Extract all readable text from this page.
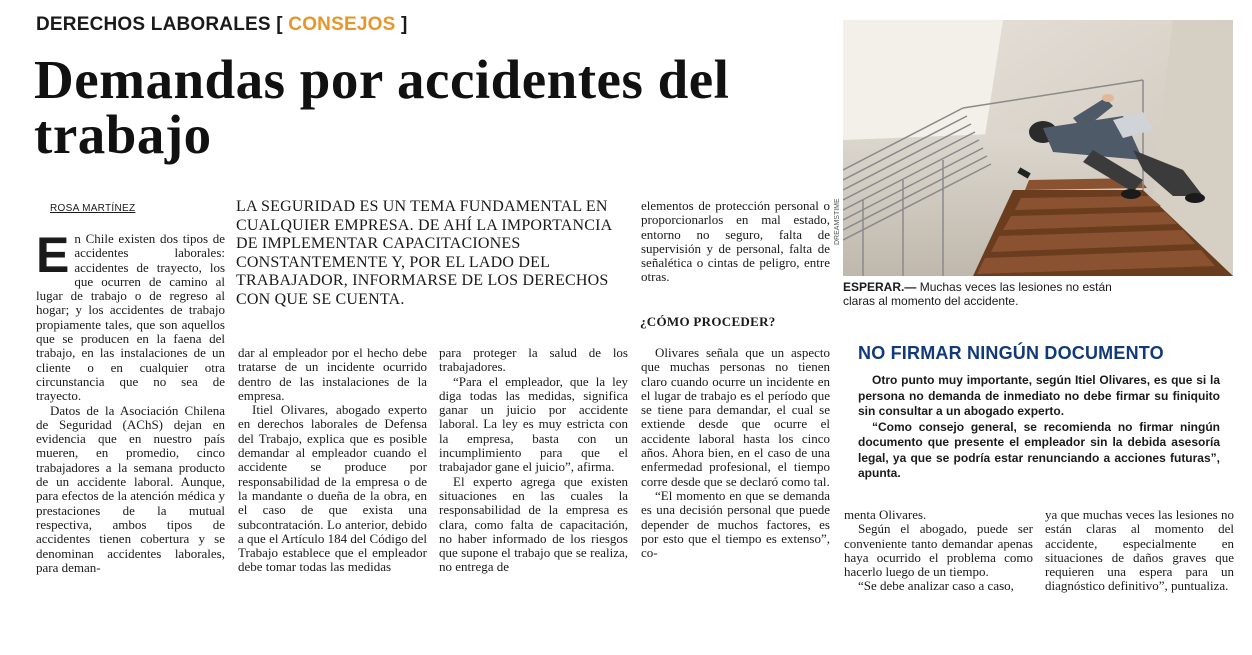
DERECHOS LABORALES [ CONSEJOS ]
Demandas por accidentes del trabajo
ROSA MARTÍNEZ	LA SEGURIDAD ES UN TEMA FUNDAMENTAL EN CUALQUIER EMPRESA. DE AHÍ LA IMPORTANCIA DE IMPLEMENTAR CAPACITACIONES CONSTANTEMENTE Y, POR EL LADO DEL TRABAJADOR, INFORMARSE DE LOS DERECHOS CON QUE SE CUENTA.

En Chile existen dos tipos de accidentes laborales: accidentes de trayecto, los que ocurren de camino al lugar de trabajo o de regreso al hogar; y los accidentes de trabajo propiamente tales, que son aquellos que se producen en la faena del trabajo, en las instalaciones de un cliente o en cualquier otra circunstancia que no sea de trayecto.

Datos de la Asociación Chilena de Seguridad (AChS) dejan en evidencia que en nuestro país mueren, en promedio, cinco trabajadores a la semana producto de un accidente laboral. Aunque, para efectos de la atención médica y prestaciones de la mutual respectiva, ambos tipos de accidentes tienen cobertura y se denominan accidentes laborales, para deman-

dar al empleador por el hecho debe tratarse de un incidente ocurrido dentro de las instalaciones de la empresa.

Itiel Olivares, abogado experto en derechos laborales de Defensa del Trabajo, explica que es posible demandar al empleador cuando el accidente se produce por responsabilidad de la empresa o de la mandante o dueña de la obra, en el caso de que exista una subcontratación. Lo anterior, debido a que el Artículo 184 del Código del Trabajo establece que el empleador debe tomar todas las medidas

para proteger la salud de los trabajadores.

“Para el empleador, que la ley diga todas las medidas, significa ganar un juicio por accidente laboral. La ley es muy estricta con la empresa, basta con un incumplimiento para que el trabajador gane el juicio”, afirma.

El experto agrega que existen situaciones en las cuales la responsabilidad de la empresa es clara, como falta de capacitación, no haber informado de los riesgos que supone el trabajo que se realiza, no entrega de

elementos de protección personal o proporcionarlos en mal estado, entorno no seguro, falta de supervisión y de personal, falta de señalética o cintas de peligro, entre otras.

¿CÓMO PROCEDER?

Olivares señala que un aspecto que muchas personas no tienen claro cuando ocurre un incidente en el lugar de trabajo es el período que se tiene para demandar, el cual se extiende desde que ocurre el accidente laboral hasta los cinco años. Ahora bien, en el caso de una enfermedad profesional, el tiempo corre desde que se declaró como tal.

“El momento en que se demanda es una decisión personal que puede depender de muchos factores, es por esto que el tiempo es extenso”, co-

DREAMSTIME
ESPERAR.— Muchas veces las lesiones no están claras al momento del accidente.
NO FIRMAR NINGÚN DOCUMENTO

Otro punto muy importante, según Itiel Olivares, es que si la persona no demanda de inmediato no debe firmar su finiquito sin consultar a un abogado experto.

“Como consejo general, se recomienda no firmar ningún documento que presente el empleador sin la debida asesoría legal, ya que se podría estar renunciando a acciones futuras”, apunta.

menta Olivares.

Según el abogado, puede ser conveniente tanto demandar apenas haya ocurrido el problema como hacerlo luego de un tiempo.

“Se debe analizar caso a caso,

ya que muchas veces las lesiones no están claras al momento del accidente, especialmente en situaciones de daños graves que requieren una espera para un diagnóstico definitivo”, puntualiza.
